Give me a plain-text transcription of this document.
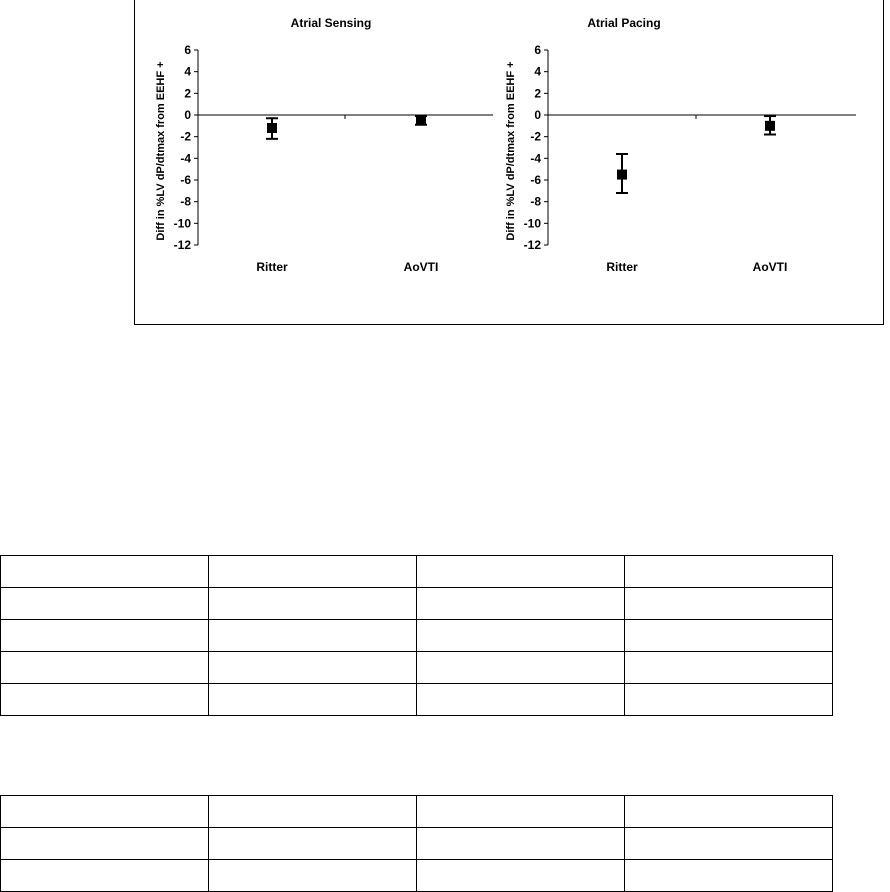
Atrial Sensing
Diff in %LV dP/dtmax from EEHF +
6
4
2
0
-2
-4
-6
-8
-10
-12
Ritter	AoVTI
Atrial Pacing
Diff in %LV dP/dtmax from EEHF +
6
4
2
0
-2
-4
-6
-8
-10
-12
Ritter	AoVTI
